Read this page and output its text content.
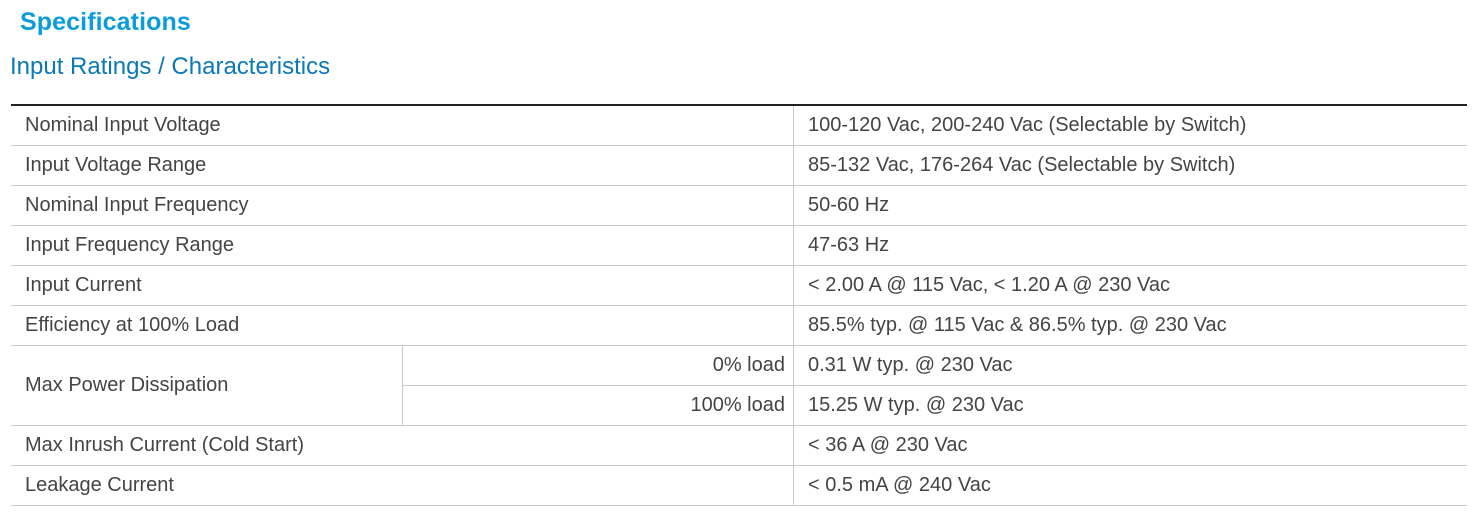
Specifications
Input Ratings / Characteristics
Nominal Input Voltage		100-120 Vac, 200-240 Vac (Selectable by Switch)
Input Voltage Range		85-132 Vac, 176-264 Vac (Selectable by Switch)
Nominal Input Frequency		50-60 Hz
Input Frequency Range		47-63 Hz
Input Current		< 2.00 A @ 115 Vac, < 1.20 A @ 230 Vac
Efficiency at 100% Load		85.5% typ. @ 115 Vac & 86.5% typ. @ 230 Vac
Max Power Dissipation	0% load	0.31 W typ. @ 230 Vac
	100% load	15.25 W typ. @ 230 Vac
Max Inrush Current (Cold Start)		< 36 A @ 230 Vac
Leakage Current		< 0.5 mA @ 240 Vac
